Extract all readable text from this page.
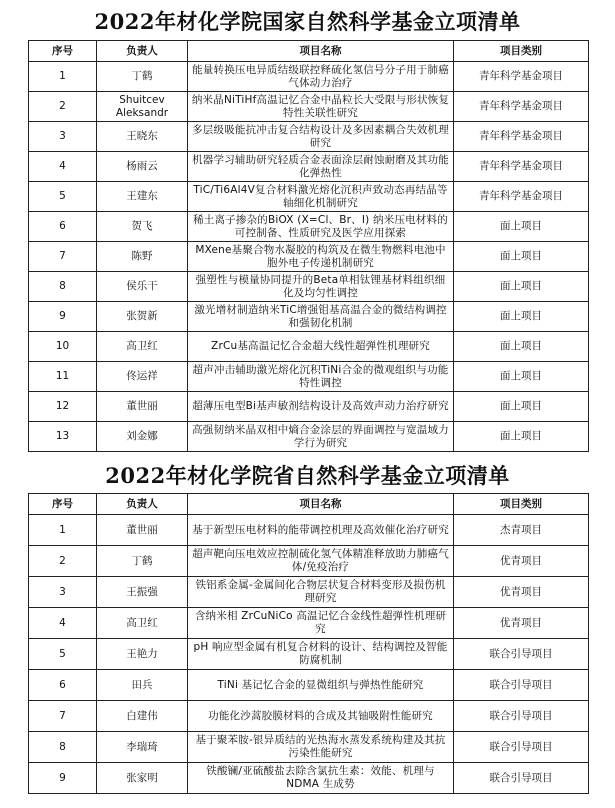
2022年材化学院国家自然科学基金立项清单
序号	负责人	项目名称	项目类别
1	丁鹤	能量转换压电异质结级联控释硫化氢信号分子用于肺癌气体动力治疗	青年科学基金项目
2	Shuitcev Aleksandr	纳米晶NiTiHf高温记忆合金中晶粒长大受限与形状恢复特性关联性研究	青年科学基金项目
3	王晓东	多层级吸能抗冲击复合结构设计及多因素耦合失效机理研究	青年科学基金项目
4	杨雨云	机器学习辅助研究轻质合金表面涂层耐蚀耐磨及其功能化弹热性	青年科学基金项目
5	王建东	TiC/Ti6Al4V复合材料激光熔化沉积声致动态再结晶等轴细化机制研究	青年科学基金项目
6	贺飞	稀土离子掺杂的BiOX (X=Cl、Br、I) 纳米压电材料的可控制备、性质研究及医学应用探索	面上项目
7	陈野	MXene基聚合物水凝胶的构筑及在微生物燃料电池中胞外电子传递机制研究	面上项目
8	侯乐干	强塑性与模量协同提升的Beta单相钛锂基材料组织细化及均匀性调控	面上项目
9	张贺新	激光增材制造纳米TiC增强钼基高温合金的微结构调控和强韧化机制	面上项目
10	高卫红	ZrCu基高温记忆合金超大线性超弹性机理研究	面上项目
11	佟运祥	超声冲击辅助激光熔化沉积TiNi合金的微观组织与功能特性调控	面上项目
12	董世丽	超薄压电型Bi基声敏剂结构设计及高效声动力治疗研究	面上项目
13	刘金娜	高强韧纳米晶双相中熵合金涂层的界面调控与宽温域力学行为研究	面上项目
2022年材化学院省自然科学基金立项清单
序号	负责人	项目名称	项目类别
1	董世丽	基于新型压电材料的能带调控机理及高效催化治疗研究	杰青项目
2	丁鹤	超声靶向压电效应控制硫化氢气体精准释放助力肺癌气体/免疫治疗	优青项目
3	王振强	铁铝系金属-金属间化合物层状复合材料变形及损伤机理研究	优青项目
4	高卫红	含纳米相 ZrCuNiCo 高温记忆合金线性超弹性机理研究	优青项目
5	王艳力	pH 响应型金属有机复合材料的设计、结构调控及智能防腐机制	联合引导项目
6	田兵	TiNi 基记忆合金的显微组织与弹热性能研究	联合引导项目
7	白建伟	功能化沙蒿胶膜材料的合成及其铀吸附性能研究	联合引导项目
8	李瑞琦	基于聚苯胺-银异质结的光热海水蒸发系统构建及其抗污染性能研究	联合引导项目
9	张家明	铁酸镧/亚硫酸盐去除含氯抗生素：效能、机理与NDMA 生成势	联合引导项目
